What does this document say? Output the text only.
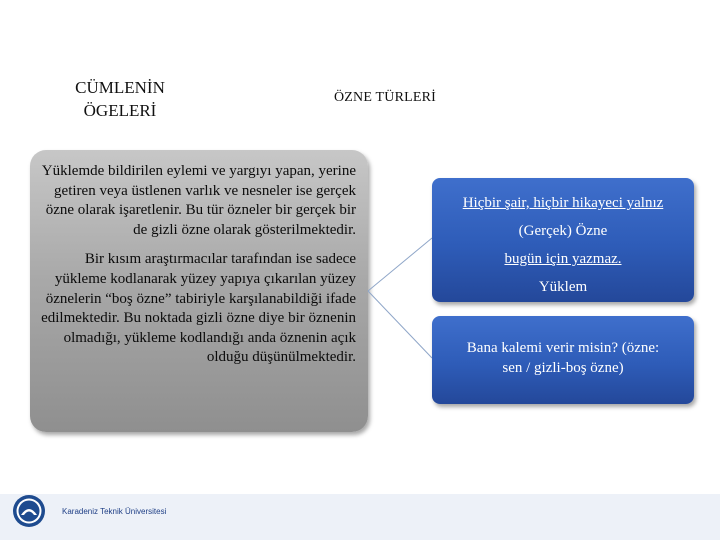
CÜMLENİN
ÖGELERİ
ÖZNE TÜRLERİ

Yüklemde bildirilen eylemi ve yargıyı yapan, yerine getiren veya üstlenen varlık ve nesneler ise gerçek özne olarak işaretlenir. Bu tür özneler bir gerçek bir de gizli özne olarak gösterilmektedir.

Bir kısım araştırmacılar tarafından ise sadece yükleme kodlanarak yüzey yapıya çıkarılan yüzey öznelerin “boş özne” tabiriyle karşılanabildiği ifade edilmektedir. Bu noktada gizli özne diye bir öznenin olmadığı, yükleme kodlandığı anda öznenin açık olduğu düşünülmektedir.

Hiçbir şair, hiçbir hikayeci yalnız
(Gerçek) Özne
bugün için yazmaz.
Yüklem
Bana kalemi verir misin? (özne:
sen / gizli-boş özne)
Karadeniz Teknik Üniversitesi
